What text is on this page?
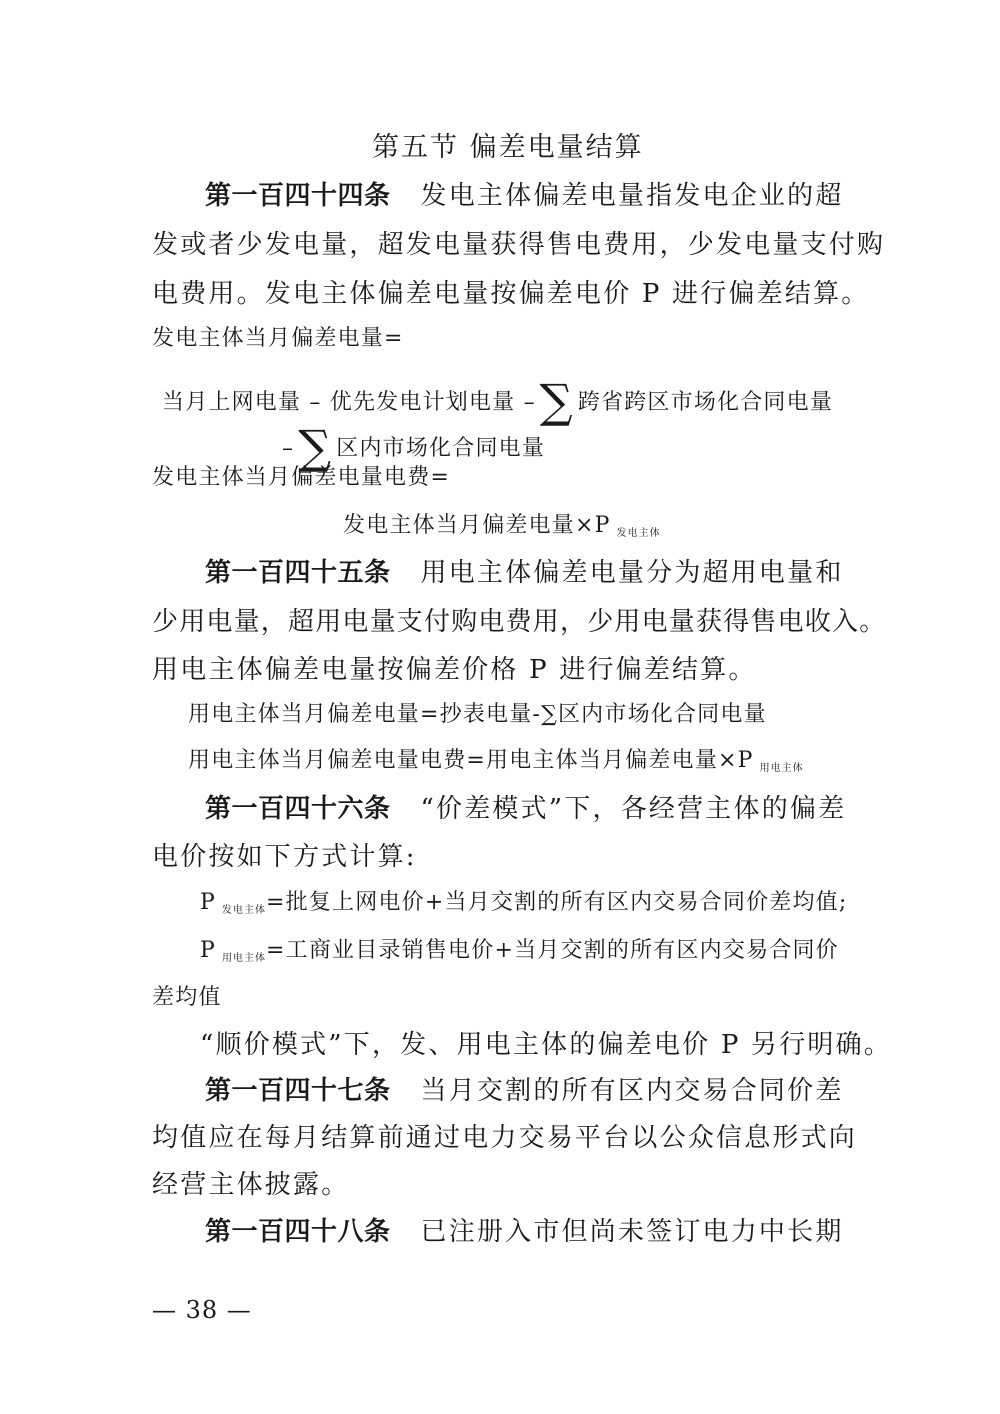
第五节 偏差电量结算
第一百四十四条 发电主体偏差电量指发电企业的超
发或者少发电量，超发电量获得售电费用，少发电量支付购
电费用。发电主体偏差电量按偏差电价 P 进行偏差结算。
发电主体当月偏差电量=
当月上网电量 – 优先发电计划电量 –∑ 跨省跨区市场化合同电量
–∑ 区内市场化合同电量
发电主体当月偏差电量电费=
发电主体当月偏差电量×P 发电主体
第一百四十五条 用电主体偏差电量分为超用电量和
少用电量，超用电量支付购电费用，少用电量获得售电收入。
用电主体偏差电量按偏差价格 P 进行偏差结算。
用电主体当月偏差电量=抄表电量-∑区内市场化合同电量
用电主体当月偏差电量电费=用电主体当月偏差电量×P 用电主体
第一百四十六条 “价差模式”下，各经营主体的偏差
电价按如下方式计算:
P发电主体=批复上网电价+当月交割的所有区内交易合同价差均值;
P用电主体=工商业目录销售电价+当月交割的所有区内交易合同价
差均值
“顺价模式”下，发、用电主体的偏差电价 P 另行明确。
第一百四十七条 当月交割的所有区内交易合同价差
均值应在每月结算前通过电力交易平台以公众信息形式向
经营主体披露。
第一百四十八条 已注册入市但尚未签订电力中长期
— 38 —
